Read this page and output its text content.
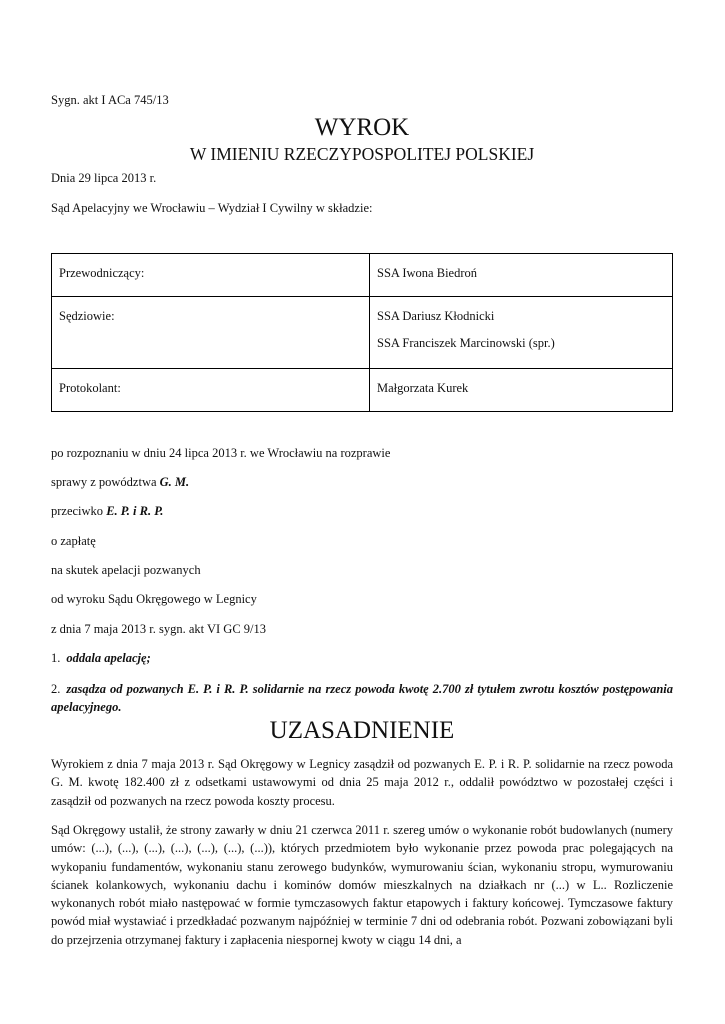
Sygn. akt I ACa 745/13
WYROK
W IMIENIU RZECZYPOSPOLITEJ POLSKIEJ
Dnia 29 lipca 2013 r.
Sąd Apelacyjny we Wrocławiu – Wydział I Cywilny w składzie:
Przewodniczący:	SSA Iwona Biedroń

Sędziowie:	SSA Dariusz Kłodnicki
SSA Franciszek Marcinowski (spr.)

Protokolant:	Małgorzata Kurek
po rozpoznaniu w dniu 24 lipca 2013 r. we Wrocławiu na rozprawie
sprawy z powództwa G. M.
przeciwko E. P. i R. P.
o zapłatę
na skutek apelacji pozwanych
od wyroku Sądu Okręgowego w Legnicy
z dnia 7 maja 2013 r. sygn. akt VI GC 9/13
1. oddala apelację;
2. zasądza od pozwanych E. P. i R. P. solidarnie na rzecz powoda kwotę 2.700 zł tytułem zwrotu kosztów postępowania apelacyjnego.
UZASADNIENIE
Wyrokiem z dnia 7 maja 2013 r. Sąd Okręgowy w Legnicy zasądził od pozwanych E. P. i R. P. solidarnie na rzecz powoda G. M. kwotę 182.400 zł z odsetkami ustawowymi od dnia 25 maja 2012 r., oddalił powództwo w pozostałej części i zasądził od pozwanych na rzecz powoda koszty procesu.
Sąd Okręgowy ustalił, że strony zawarły w dniu 21 czerwca 2011 r. szereg umów o wykonanie robót budowlanych (numery umów: (...), (...), (...), (...), (...), (...), (...)), których przedmiotem było wykonanie przez powoda prac polegających na wykopaniu fundamentów, wykonaniu stanu zerowego budynków, wymurowaniu ścian, wykonaniu stropu, wymurowaniu ścianek kolankowych, wykonaniu dachu i kominów domów mieszkalnych na działkach nr (...) w L.. Rozliczenie wykonanych robót miało następować w formie tymczasowych faktur etapowych i faktury końcowej. Tymczasowe faktury powód miał wystawiać i przedkładać pozwanym najpóźniej w terminie 7 dni od odebrania robót. Pozwani zobowiązani byli do przejrzenia otrzymanej faktury i zapłacenia niespornej kwoty w ciągu 14 dni, a
